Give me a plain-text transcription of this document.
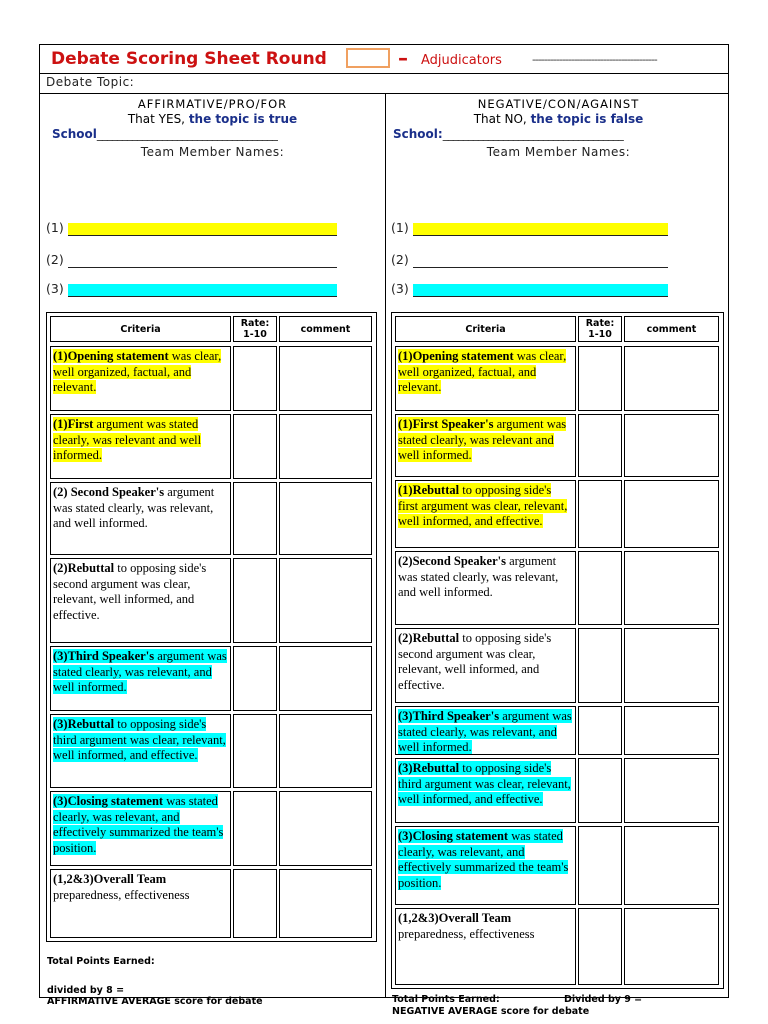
Debate Scoring Sheet Round	– Adjudicators	------------------------------------------
Debate Topic:
AFFIRMATIVE/PRO/FOR
That YES, the topic is true
School____________________________________
Team Member Names:
(1)
(2)
(3)
Criteria	Rate: 1-10	comment
(1)Opening statement was clear, well organized, factual, and relevant.
(1)First argument was stated clearly, was relevant and well informed.
(2) Second Speaker's argument was stated clearly, was relevant, and well informed.
(2)Rebuttal to opposing side's second argument was clear, relevant, well informed, and effective.
(3)Third Speaker's argument was stated clearly, was relevant, and well informed.
(3)Rebuttal to opposing side's third argument was clear, relevant, well informed, and effective.
(3)Closing statement was stated clearly, was relevant, and effectively summarized the team's position.
(1,2&3)Overall Team preparedness, effectiveness
Total Points Earned:
divided by 8 =
AFFIRMATIVE AVERAGE score for debate
NEGATIVE/CON/AGAINST
That NO, the topic is false
School:____________________________________
Team Member Names:
(1)
(2)
(3)
Criteria	Rate: 1-10	comment
(1)Opening statement was clear, well organized, factual, and relevant.
(1)First Speaker's argument was stated clearly, was relevant and well informed.
(1)Rebuttal to opposing side's first argument was clear, relevant, well informed, and effective.
(2)Second Speaker's argument was stated clearly, was relevant, and well informed.
(2)Rebuttal to opposing side's second argument was clear, relevant, well informed, and effective.
(3)Third Speaker's argument was stated clearly, was relevant, and well informed.
(3)Rebuttal to opposing side's third argument was clear, relevant, well informed, and effective.
(3)Closing statement was stated clearly, was relevant, and effectively summarized the team's position.
(1,2&3)Overall Team preparedness, effectiveness
Total Points Earned:	Divided by 9 =
NEGATIVE AVERAGE score for debate
